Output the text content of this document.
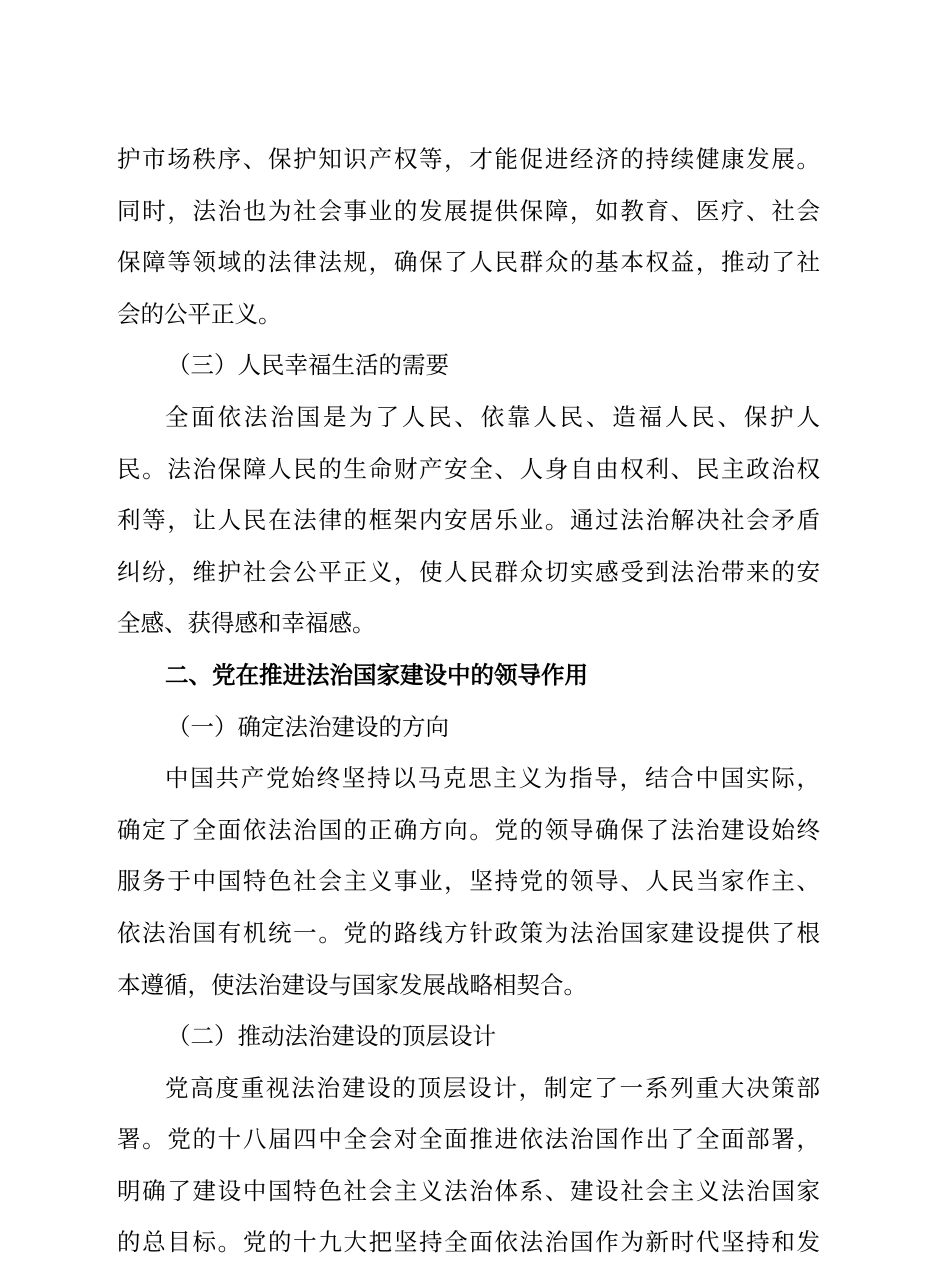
护市场秩序、保护知识产权等，才能促进经济的持续健康发展。
同时，法治也为社会事业的发展提供保障，如教育、医疗、社会
保障等领域的法律法规，确保了人民群众的基本权益，推动了社
会的公平正义。
（三）人民幸福生活的需要
全面依法治国是为了人民、依靠人民、造福人民、保护人
民。法治保障人民的生命财产安全、人身自由权利、民主政治权
利等，让人民在法律的框架内安居乐业。通过法治解决社会矛盾
纠纷，维护社会公平正义，使人民群众切实感受到法治带来的安
全感、获得感和幸福感。
二、党在推进法治国家建设中的领导作用
（一）确定法治建设的方向
中国共产党始终坚持以马克思主义为指导，结合中国实际，
确定了全面依法治国的正确方向。党的领导确保了法治建设始终
服务于中国特色社会主义事业，坚持党的领导、人民当家作主、
依法治国有机统一。党的路线方针政策为法治国家建设提供了根
本遵循，使法治建设与国家发展战略相契合。
（二）推动法治建设的顶层设计
党高度重视法治建设的顶层设计，制定了一系列重大决策部
署。党的十八届四中全会对全面推进依法治国作出了全面部署，
明确了建设中国特色社会主义法治体系、建设社会主义法治国家
的总目标。党的十九大把坚持全面依法治国作为新时代坚持和发
